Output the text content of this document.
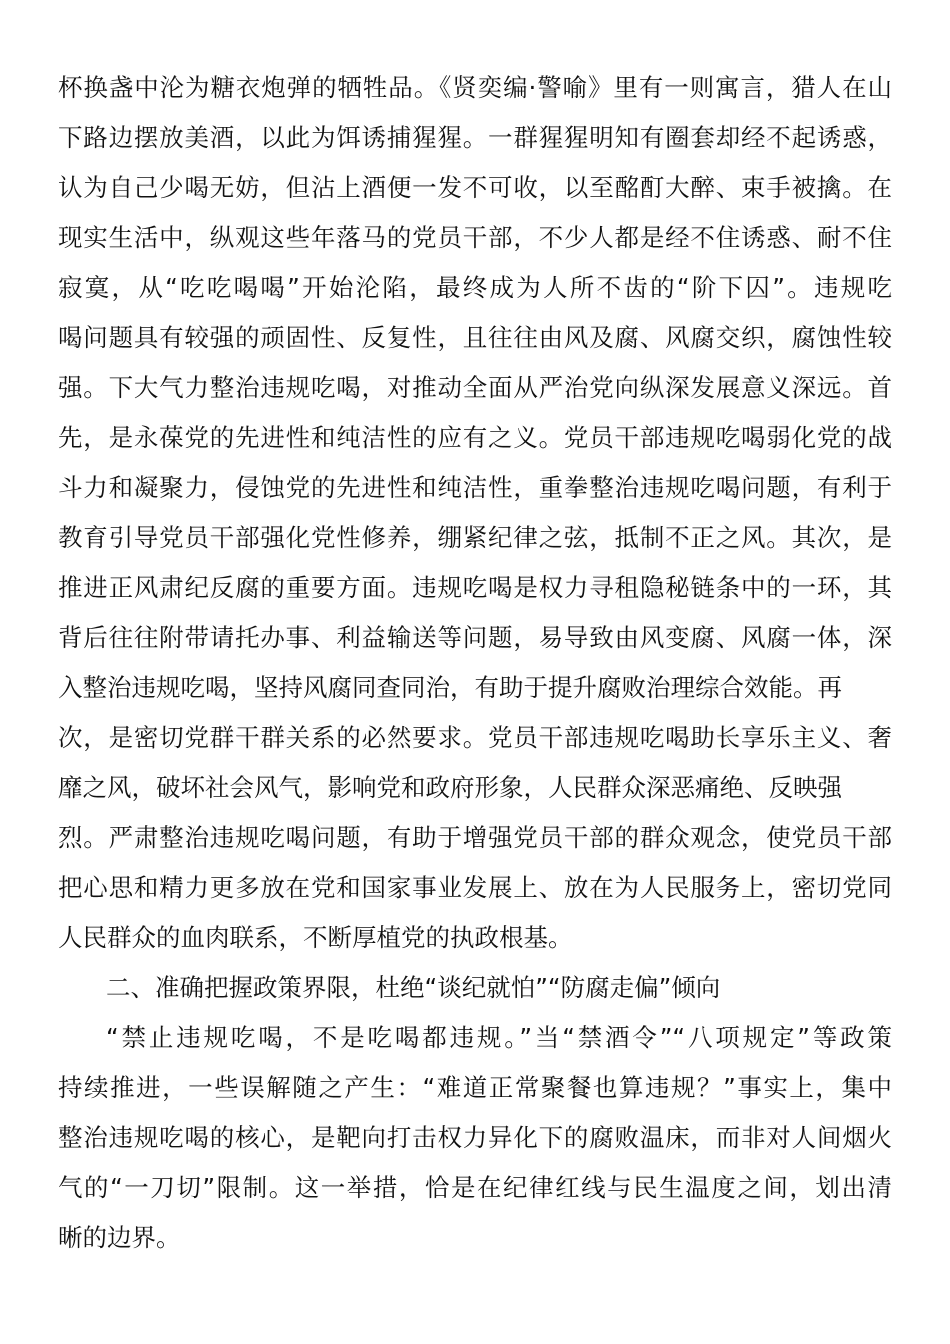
杯换盏中沦为糖衣炮弹的牺牲品。《贤奕编·警喻》里有一则寓言，猎人在山

下路边摆放美酒，以此为饵诱捕猩猩。一群猩猩明知有圈套却经不起诱惑，

认为自己少喝无妨，但沾上酒便一发不可收，以至酩酊大醉、束手被擒。在

现实生活中，纵观这些年落马的党员干部，不少人都是经不住诱惑、耐不住

寂寞，从“吃吃喝喝”开始沦陷，最终成为人所不齿的“阶下囚”。违规吃

喝问题具有较强的顽固性、反复性，且往往由风及腐、风腐交织，腐蚀性较

强。下大气力整治违规吃喝，对推动全面从严治党向纵深发展意义深远。首

先，是永葆党的先进性和纯洁性的应有之义。党员干部违规吃喝弱化党的战

斗力和凝聚力，侵蚀党的先进性和纯洁性，重拳整治违规吃喝问题，有利于

教育引导党员干部强化党性修养，绷紧纪律之弦，抵制不正之风。其次，是

推进正风肃纪反腐的重要方面。违规吃喝是权力寻租隐秘链条中的一环，其

背后往往附带请托办事、利益输送等问题，易导致由风变腐、风腐一体，深

入整治违规吃喝，坚持风腐同查同治，有助于提升腐败治理综合效能。再

次，是密切党群干群关系的必然要求。党员干部违规吃喝助长享乐主义、奢

靡之风，破坏社会风气，影响党和政府形象，人民群众深恶痛绝、反映强

烈。严肃整治违规吃喝问题，有助于增强党员干部的群众观念，使党员干部

把心思和精力更多放在党和国家事业发展上、放在为人民服务上，密切党同

人民群众的血肉联系，不断厚植党的执政根基。

二、准确把握政策界限，杜绝“谈纪就怕”“防腐走偏”倾向

“禁止违规吃喝，不是吃喝都违规。”当“禁酒令”“八项规定”等政策

持续推进，一些误解随之产生：“难道正常聚餐也算违规？”事实上，集中

整治违规吃喝的核心，是靶向打击权力异化下的腐败温床，而非对人间烟火

气的“一刀切”限制。这一举措，恰是在纪律红线与民生温度之间，划出清

晰的边界。
